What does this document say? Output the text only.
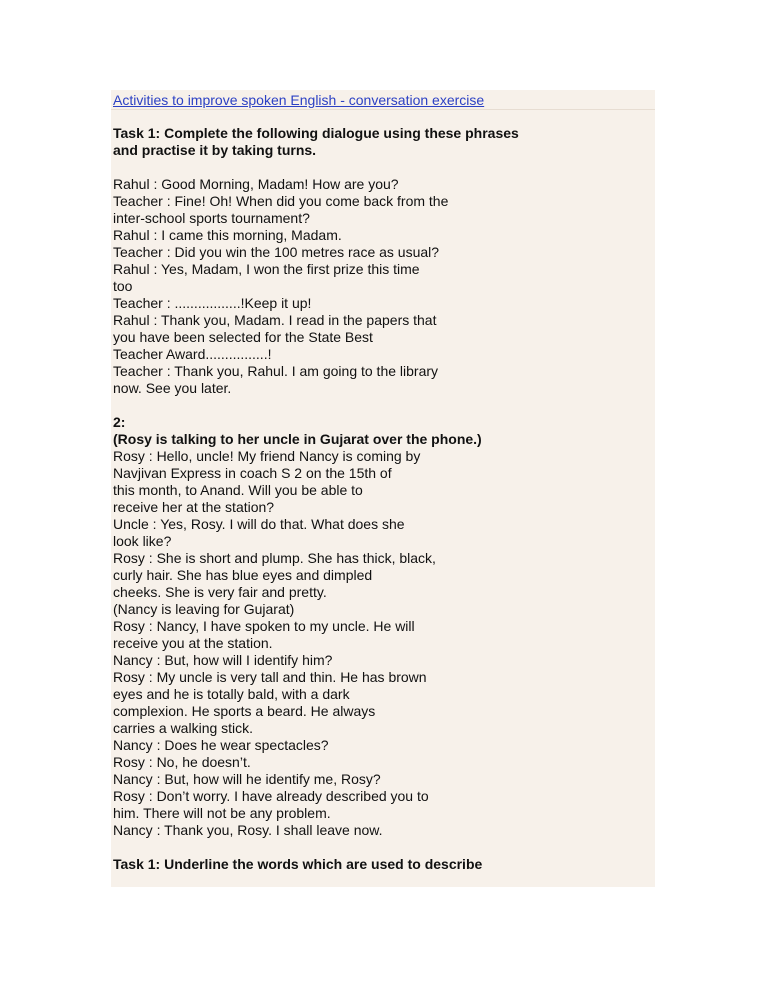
Activities to improve spoken English - conversation exercise
Task 1: Complete the following dialogue using these phrases
and practise it by taking turns.
Rahul : Good Morning, Madam! How are you?
Teacher : Fine! Oh! When did you come back from the
inter-school sports tournament?
Rahul : I came this morning, Madam.
Teacher : Did you win the 100 metres race as usual?
Rahul : Yes, Madam, I won the first prize this time
too
Teacher : .................!Keep it up!
Rahul : Thank you, Madam. I read in the papers that
you have been selected for the State Best
Teacher Award................!
Teacher : Thank you, Rahul. I am going to the library
now. See you later.
2:
(Rosy is talking to her uncle in Gujarat over the phone.)
Rosy : Hello, uncle! My friend Nancy is coming by
Navjivan Express in coach S 2 on the 15th of
this month, to Anand. Will you be able to
receive her at the station?
Uncle : Yes, Rosy. I will do that. What does she
look like?
Rosy : She is short and plump. She has thick, black,
curly hair. She has blue eyes and dimpled
cheeks. She is very fair and pretty.
(Nancy is leaving for Gujarat)
Rosy : Nancy, I have spoken to my uncle. He will
receive you at the station.
Nancy : But, how will I identify him?
Rosy : My uncle is very tall and thin. He has brown
eyes and he is totally bald, with a dark
complexion. He sports a beard. He always
carries a walking stick.
Nancy : Does he wear spectacles?
Rosy : No, he doesn’t.
Nancy : But, how will he identify me, Rosy?
Rosy : Don’t worry. I have already described you to
him. There will not be any problem.
Nancy : Thank you, Rosy. I shall leave now.
Task 1: Underline the words which are used to describe
